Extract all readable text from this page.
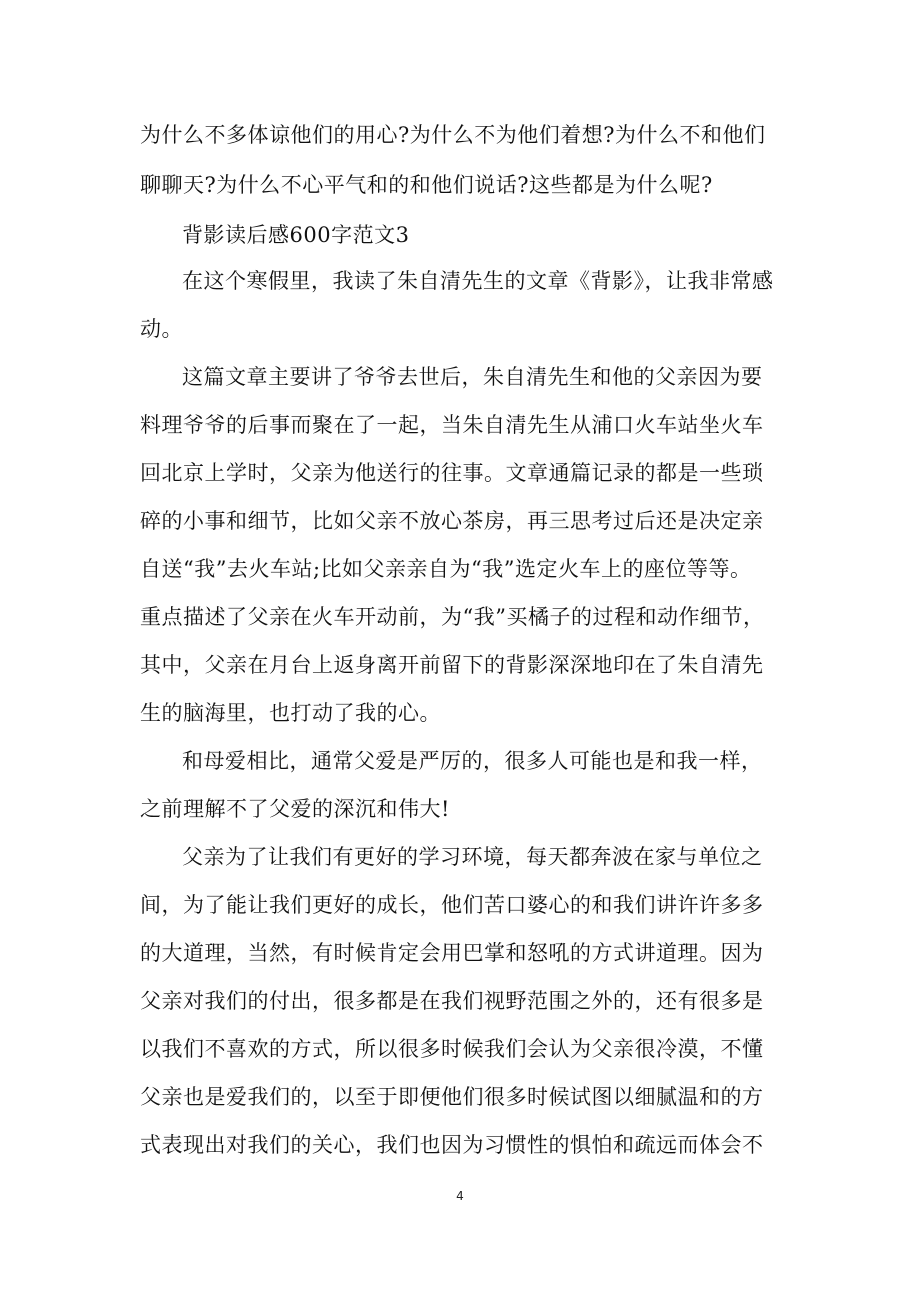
为什么不多体谅他们的用心?为什么不为他们着想?为什么不和他们
聊聊天?为什么不心平气和的和他们说话?这些都是为什么呢?
背影读后感600字范文3
在这个寒假里，我读了朱自清先生的文章《背影》，让我非常感
动。
这篇文章主要讲了爷爷去世后，朱自清先生和他的父亲因为要
料理爷爷的后事而聚在了一起，当朱自清先生从浦口火车站坐火车
回北京上学时，父亲为他送行的往事。文章通篇记录的都是一些琐
碎的小事和细节，比如父亲不放心茶房，再三思考过后还是决定亲
自送“我”去火车站;比如父亲亲自为“我”选定火车上的座位等等。
重点描述了父亲在火车开动前，为“我”买橘子的过程和动作细节，
其中，父亲在月台上返身离开前留下的背影深深地印在了朱自清先
生的脑海里，也打动了我的心。
和母爱相比，通常父爱是严厉的，很多人可能也是和我一样，
之前理解不了父爱的深沉和伟大!
父亲为了让我们有更好的学习环境，每天都奔波在家与单位之
间，为了能让我们更好的成长，他们苦口婆心的和我们讲许许多多
的大道理，当然，有时候肯定会用巴掌和怒吼的方式讲道理。因为
父亲对我们的付出，很多都是在我们视野范围之外的，还有很多是
以我们不喜欢的方式，所以很多时候我们会认为父亲很冷漠，不懂
父亲也是爱我们的，以至于即便他们很多时候试图以细腻温和的方
式表现出对我们的关心，我们也因为习惯性的惧怕和疏远而体会不
4
